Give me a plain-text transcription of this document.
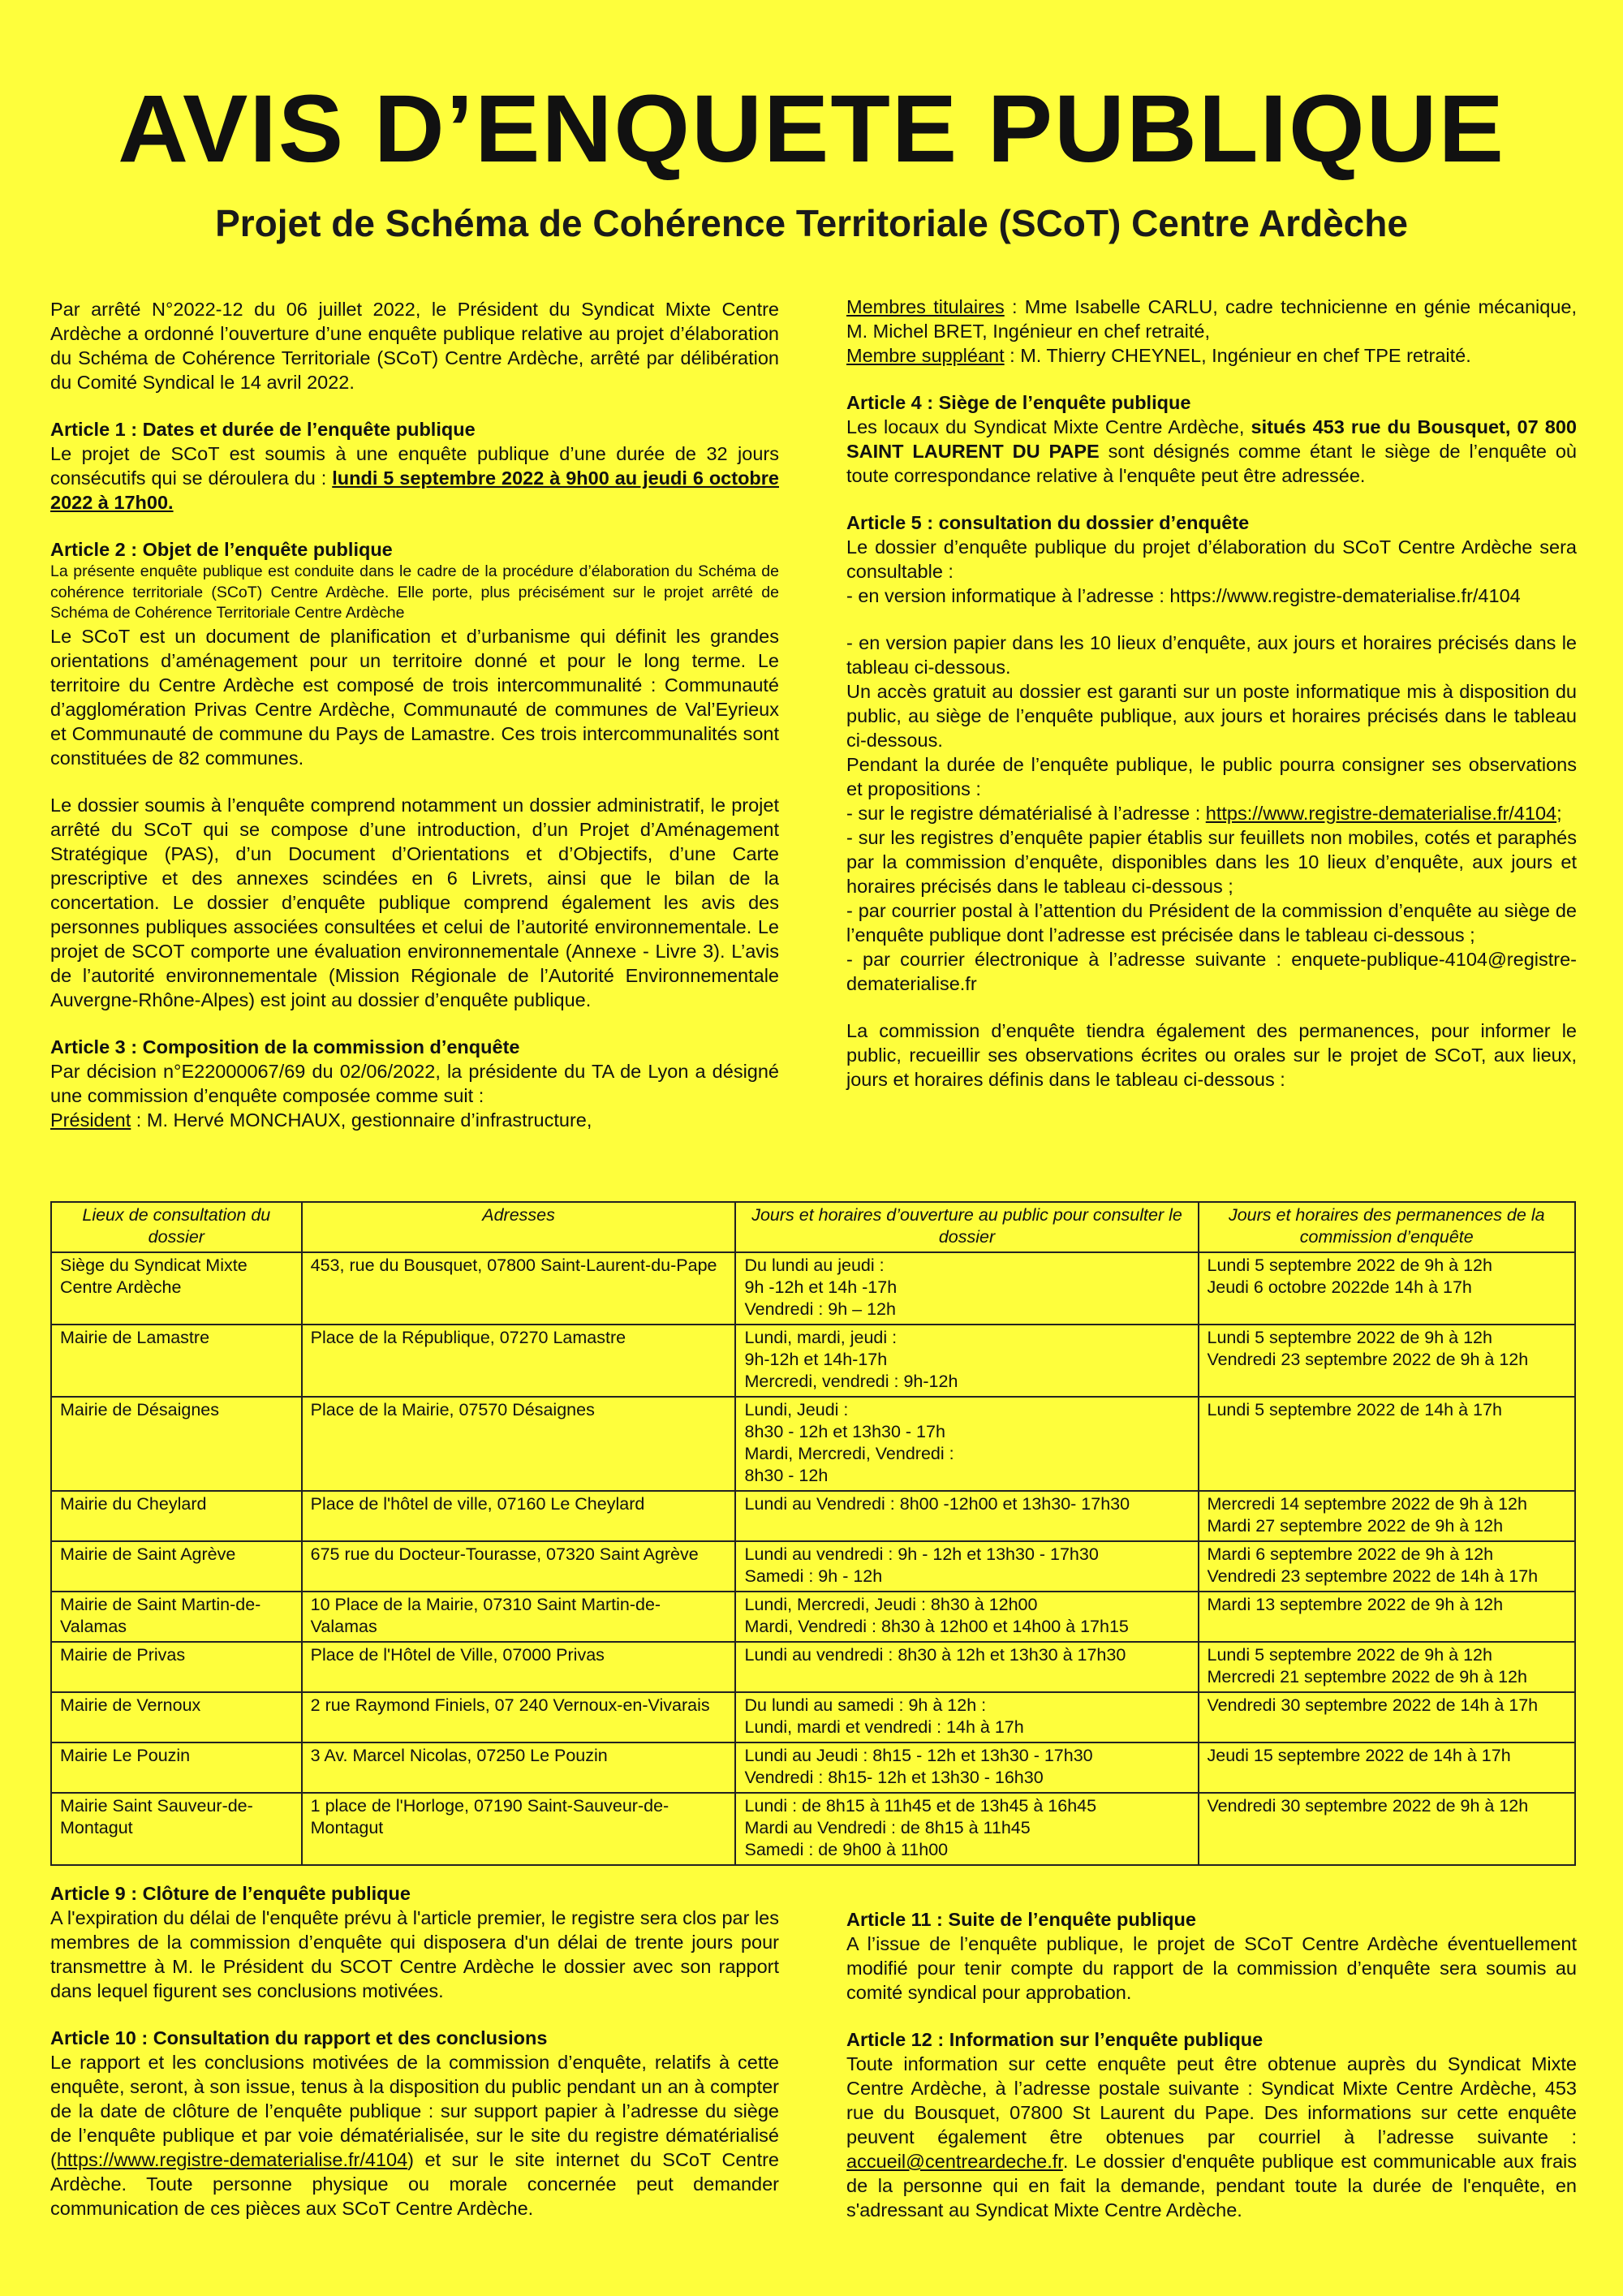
AVIS D’ENQUETE PUBLIQUE
Projet de Schéma de Cohérence Territoriale (SCoT) Centre Ardèche

Par arrêté N°2022-12 du 06 juillet 2022, le Président du Syndicat Mixte Centre Ardèche a ordonné l’ouverture d’une enquête publique relative au projet d’élaboration du Schéma de Cohérence Territoriale (SCoT) Centre Ardèche, arrêté par délibération du Comité Syndical le 14 avril 2022.

Article 1 : Dates et durée de l’enquête publique

Le projet de SCoT est soumis à une enquête publique d’une durée de 32 jours consécutifs qui se déroulera du : lundi 5 septembre 2022 à 9h00 au jeudi 6 octobre 2022 à 17h00.

Article 2 : Objet de l’enquête publique

La présente enquête publique est conduite dans le cadre de la procédure d’élaboration du Schéma de cohérence territoriale (SCoT) Centre Ardèche. Elle porte, plus précisément sur le projet arrêté de Schéma de Cohérence Territoriale Centre Ardèche

Le SCoT est un document de planification et d’urbanisme qui définit les grandes orientations d’aménagement pour un territoire donné et pour le long terme. Le territoire du Centre Ardèche est composé de trois intercommunalité : Communauté d’agglomération Privas Centre Ardèche, Communauté de communes de Val’Eyrieux et Communauté de commune du Pays de Lamastre. Ces trois intercommunalités sont constituées de 82 communes.

Le dossier soumis à l’enquête comprend notamment un dossier administratif, le projet arrêté du SCoT qui se compose d’une introduction, d’un Projet d’Aménagement Stratégique (PAS), d’un Document d’Orientations et d’Objectifs, d’une Carte prescriptive et des annexes scindées en 6 Livrets, ainsi que le bilan de la concertation. Le dossier d’enquête publique comprend également les avis des personnes publiques associées consultées et celui de l’autorité environnementale. Le projet de SCOT comporte une évaluation environnementale (Annexe - Livre 3). L’avis de l’autorité environnementale (Mission Régionale de l’Autorité Environnementale Auvergne-Rhône-Alpes) est joint au dossier d’enquête publique.

Article 3 : Composition de la commission d’enquête

Par décision n°E22000067/69 du 02/06/2022, la présidente du TA de Lyon a désigné une commission d’enquête composée comme suit :

Président : M. Hervé MONCHAUX, gestionnaire d’infrastructure,

Membres titulaires : Mme Isabelle CARLU, cadre technicienne en génie mécanique, M. Michel BRET, Ingénieur en chef retraité,

Membre suppléant : M. Thierry CHEYNEL, Ingénieur en chef TPE retraité.

Article 4 : Siège de l’enquête publique

Les locaux du Syndicat Mixte Centre Ardèche, situés 453 rue du Bousquet, 07 800 SAINT LAURENT DU PAPE sont désignés comme étant le siège de l’enquête où toute correspondance relative à l'enquête peut être adressée.

Article 5 : consultation du dossier d’enquête

Le dossier d’enquête publique du projet d’élaboration du SCoT Centre Ardèche sera consultable :

- en version informatique à l’adresse : https://www.registre-dematerialise.fr/4104

- en version papier dans les 10 lieux d’enquête, aux jours et horaires précisés dans le tableau ci-dessous.

Un accès gratuit au dossier est garanti sur un poste informatique mis à disposition du public, au siège de l’enquête publique, aux jours et horaires précisés dans le tableau ci-dessous.

Pendant la durée de l’enquête publique, le public pourra consigner ses observations et propositions :

- sur le registre dématérialisé à l’adresse : https://www.registre-dematerialise.fr/4104;

- sur les registres d’enquête papier établis sur feuillets non mobiles, cotés et paraphés par la commission d’enquête, disponibles dans les 10 lieux d’enquête, aux jours et horaires précisés dans le tableau ci-dessous ;

- par courrier postal à l’attention du Président de la commission d’enquête au siège de l’enquête publique dont l’adresse est précisée dans le tableau ci-dessous ;

- par courrier électronique à l’adresse suivante : enquete-publique-4104@registre-dematerialise.fr

La commission d’enquête tiendra également des permanences, pour informer le public, recueillir ses observations écrites ou orales sur le projet de SCoT, aux lieux, jours et horaires définis dans le tableau ci-dessous :

Lieux de consultation du dossier	Adresses	Jours et horaires d’ouverture au public pour consulter le dossier	Jours et horaires des permanences de la commission d’enquête

Siège du Syndicat Mixte Centre Ardèche	453, rue du Bousquet, 07800 Saint-Laurent-du-Pape	Du lundi au jeudi :
9h -12h et 14h -17h
Vendredi : 9h – 12h	Lundi 5 septembre 2022 de 9h à 12h
Jeudi 6 octobre 2022de 14h à 17h

Mairie de Lamastre	Place de la République, 07270 Lamastre	Lundi, mardi, jeudi :
9h-12h et 14h-17h
Mercredi, vendredi : 9h-12h	Lundi 5 septembre 2022 de 9h à 12h
Vendredi 23 septembre 2022 de 9h à 12h

Mairie de Désaignes	Place de la Mairie, 07570 Désaignes	Lundi, Jeudi :
8h30 - 12h et 13h30 - 17h
Mardi, Mercredi, Vendredi :
8h30 - 12h	Lundi 5 septembre 2022 de 14h à 17h

Mairie du Cheylard	Place de l'hôtel de ville, 07160 Le Cheylard	Lundi au Vendredi : 8h00 -12h00 et 13h30- 17h30	Mercredi 14 septembre 2022 de 9h à 12h
Mardi 27 septembre 2022 de 9h à 12h

Mairie de Saint Agrève	675 rue du Docteur-Tourasse, 07320 Saint Agrève	Lundi au vendredi : 9h - 12h et 13h30 - 17h30
Samedi : 9h - 12h	Mardi 6 septembre 2022 de 9h à 12h
Vendredi 23 septembre 2022 de 14h à 17h

Mairie de Saint Martin-de-Valamas	10 Place de la Mairie, 07310 Saint Martin-de-Valamas	Lundi, Mercredi, Jeudi : 8h30 à 12h00
Mardi, Vendredi : 8h30 à 12h00 et 14h00 à 17h15	Mardi 13 septembre 2022 de 9h à 12h

Mairie de Privas	Place de l'Hôtel de Ville, 07000 Privas	Lundi au vendredi : 8h30 à 12h et 13h30 à 17h30	Lundi 5 septembre 2022 de 9h à 12h
Mercredi 21 septembre 2022 de 9h à 12h

Mairie de Vernoux	2 rue Raymond Finiels, 07 240 Vernoux-en-Vivarais	Du lundi au samedi : 9h à 12h :
Lundi, mardi et vendredi : 14h à 17h	Vendredi 30 septembre 2022 de 14h à 17h

Mairie Le Pouzin	3 Av. Marcel Nicolas, 07250 Le Pouzin	Lundi au Jeudi : 8h15 - 12h et 13h30 - 17h30
Vendredi : 8h15- 12h et 13h30 - 16h30	Jeudi 15 septembre 2022 de 14h à 17h

Mairie Saint Sauveur-de-Montagut	1 place de l'Horloge, 07190 Saint-Sauveur-de-Montagut	Lundi : de 8h15 à 11h45 et de 13h45 à 16h45
Mardi au Vendredi : de 8h15 à 11h45
Samedi : de 9h00 à 11h00	Vendredi 30 septembre 2022 de 9h à 12h

Article 9 : Clôture de l’enquête publique

A l'expiration du délai de l'enquête prévu à l'article premier, le registre sera clos par les membres de la commission d’enquête qui disposera d'un délai de trente jours pour transmettre à M. le Président du SCOT Centre Ardèche le dossier avec son rapport dans lequel figurent ses conclusions motivées.

Article 10 : Consultation du rapport et des conclusions

Le rapport et les conclusions motivées de la commission d’enquête, relatifs à cette enquête, seront, à son issue, tenus à la disposition du public pendant un an à compter de la date de clôture de l’enquête publique : sur support papier à l’adresse du siège de l’enquête publique et par voie dématérialisée, sur le site du registre dématérialisé (https://www.registre-dematerialise.fr/4104) et sur le site internet du SCoT Centre Ardèche. Toute personne physique ou morale concernée peut demander communication de ces pièces aux SCoT Centre Ardèche.

Article 11 : Suite de l’enquête publique

A l’issue de l’enquête publique, le projet de SCoT Centre Ardèche éventuellement modifié pour tenir compte du rapport de la commission d’enquête sera soumis au comité syndical pour approbation.

Article 12 : Information sur l’enquête publique

Toute information sur cette enquête peut être obtenue auprès du Syndicat Mixte Centre Ardèche, à l’adresse postale suivante : Syndicat Mixte Centre Ardèche, 453 rue du Bousquet, 07800 St Laurent du Pape. Des informations sur cette enquête peuvent également être obtenues par courriel à l’adresse suivante : accueil@centreardeche.fr. Le dossier d'enquête publique est communicable aux frais de la personne qui en fait la demande, pendant toute la durée de l'enquête, en s'adressant au Syndicat Mixte Centre Ardèche.
